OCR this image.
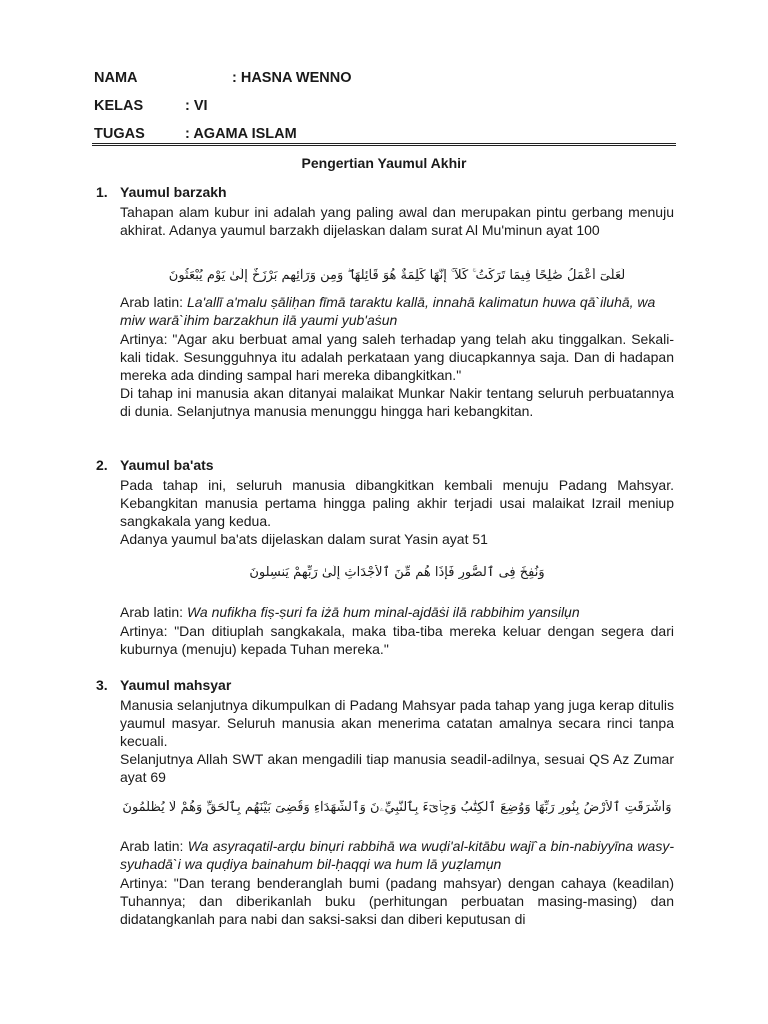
NAMA	: HASNA WENNO
KELAS	: VI
TUGAS	: AGAMA ISLAM
Pengertian Yaumul Akhir
1. Yaumul barzakh
Tahapan alam kubur ini adalah yang paling awal dan merupakan pintu gerbang menuju akhirat. Adanya yaumul barzakh dijelaskan dalam surat Al Mu'minun ayat 100
لَعَلِّىٓ أَعْمَلُ صَٰلِحًا فِيمَا تَرَكْتُ ۚ كَلَّآ ۚ إِنَّهَا كَلِمَةٌ هُوَ قَآئِلُهَا ۖ وَمِن وَرَآئِهِم بَرْزَخٌ إِلَىٰ يَوْمِ يُبْعَثُونَ
Arab latin: La'allī a'malu ṣāliḥan fīmā taraktu kallā, innahā kalimatun huwa qā`iluhā, wa miw warā`ihim barzakhun ilā yaumi yub'aṡun
Artinya: "Agar aku berbuat amal yang saleh terhadap yang telah aku tinggalkan. Sekali-kali tidak. Sesungguhnya itu adalah perkataan yang diucapkannya saja. Dan di hadapan mereka ada dinding sampal hari mereka dibangkitkan."
Di tahap ini manusia akan ditanyai malaikat Munkar Nakir tentang seluruh perbuatannya di dunia. Selanjutnya manusia menunggu hingga hari kebangkitan.
2. Yaumul ba'ats
Pada tahap ini, seluruh manusia dibangkitkan kembali menuju Padang Mahsyar. Kebangkitan manusia pertama hingga paling akhir terjadi usai malaikat Izrail meniup sangkakala yang kedua.
Adanya yaumul ba'ats dijelaskan dalam surat Yasin ayat 51
وَنُفِخَ فِى ٱلصُّورِ فَإِذَا هُم مِّنَ ٱلْأَجْدَاثِ إِلَىٰ رَبِّهِمْ يَنسِلُونَ
Arab latin: Wa nufikha fiṣ-ṣuri fa iżā hum minal-ajdāṡi ilā rabbihim yansilụn
Artinya: "Dan ditiuplah sangkakala, maka tiba-tiba mereka keluar dengan segera dari kuburnya (menuju) kepada Tuhan mereka."
3. Yaumul mahsyar
Manusia selanjutnya dikumpulkan di Padang Mahsyar pada tahap yang juga kerap ditulis yaumul masyar. Seluruh manusia akan menerima catatan amalnya secara rinci tanpa kecuali.
Selanjutnya Allah SWT akan mengadili tiap manusia seadil-adilnya, sesuai QS Az Zumar ayat 69
وَأَشْرَقَتِ ٱلْأَرْضُ بِنُورِ رَبِّهَا وَوُضِعَ ٱلْكِتَٰبُ وَجِا۟ىٓءَ بِٱلنَّبِيِّۦنَ وَٱلشُّهَدَآءِ وَقُضِىَ بَيْنَهُم بِٱلْحَقِّ وَهُمْ لَا يُظْلَمُونَ
Arab latin: Wa asyraqatil-arḍu binụri rabbihā wa wuḍi'al-kitābu wajī`a bin-nabiyyīna wasy-syuhadā`i wa quḍiya bainahum bil-ḥaqqi wa hum lā yuẓlamụn
Artinya: "Dan terang benderanglah bumi (padang mahsyar) dengan cahaya (keadilan) Tuhannya; dan diberikanlah buku (perhitungan perbuatan masing-masing) dan didatangkanlah para nabi dan saksi-saksi dan diberi keputusan di
